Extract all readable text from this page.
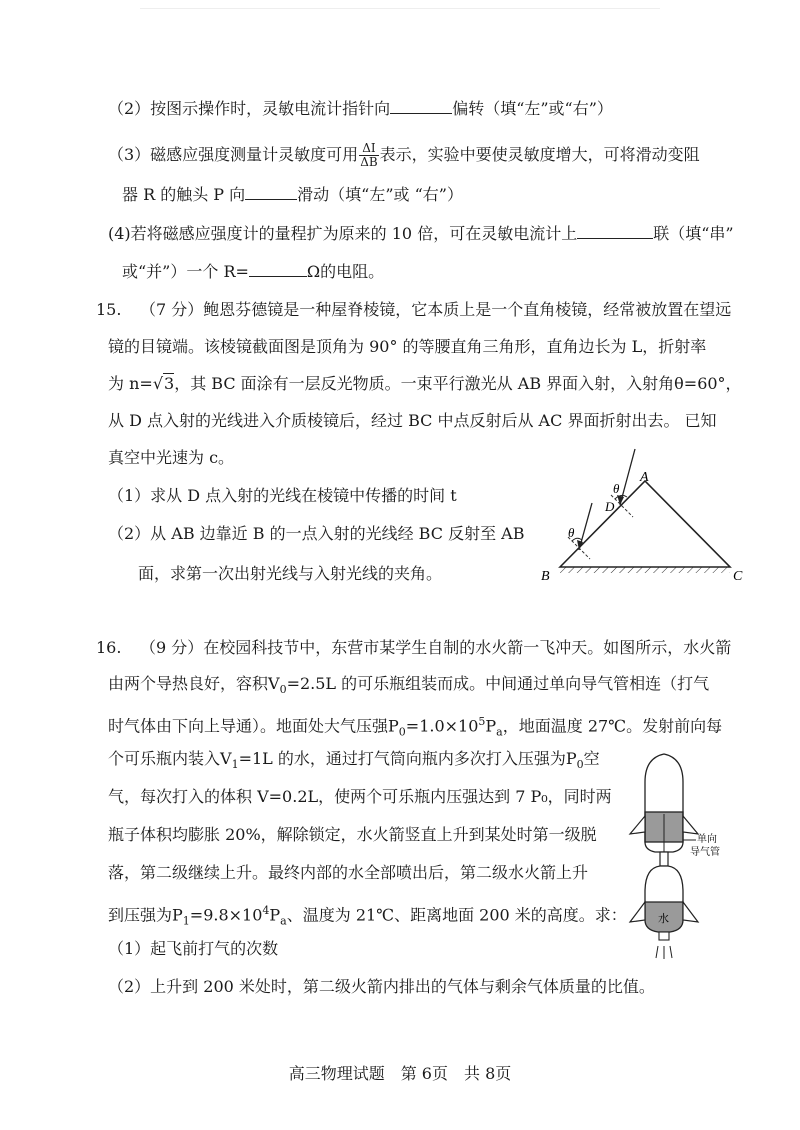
（2）按图示操作时，灵敏电流计指针向	偏转（填“左”或“右”）
（3）磁感应强度测量计灵敏度可用 $\frac{\Delta I}{\Delta B}$ 表示，实验中要使灵敏度增大，可将滑动变阻
器 R 的触头 P 向	滑动（填“左”或 “右”）
(4)若将磁感应强度计的量程扩为原来的 10 倍，可在灵敏电流计上	联（填“串”
或“并”）一个 R=	Ω的电阻。
15. （7 分）鲍恩芬德镜是一种屋脊棱镜，它本质上是一个直角棱镜，经常被放置在望远
镜的目镜端。该棱镜截面图是顶角为 90° 的等腰直角三角形，直角边长为 L，折射率
为 n=√3，其 BC 面涂有一层反光物质。一束平行激光从 AB 界面入射，入射角θ=60°，
从 D 点入射的光线进入介质棱镜后，经过 BC 中点反射后从 AC 界面折射出去。 已知
真空中光速为 c。
（1）求从 D 点入射的光线在棱镜中传播的时间 t
（2）从 AB 边靠近 B 的一点入射的光线经 BC 反射至 AB
面，求第一次出射光线与入射光线的夹角。
A
θ
D
θ
B	C
16. （9 分）在校园科技节中，东营市某学生自制的水火箭一飞冲天。如图所示，水火箭
由两个导热良好，容积$V_0=2.5L$ 的可乐瓶组装而成。中间通过单向导气管相连（打气
时气体由下向上导通）。地面处大气压强$P_0=1.0\times 10^5P_a$，地面温度 27℃。发射前向每
个可乐瓶内装入$V_1=1L$ 的水，通过打气筒向瓶内多次打入压强为$P_0$空
气，每次打入的体积 V=0.2L，使两个可乐瓶内压强达到 7 P₀，同时两
瓶子体积均膨胀 20%，解除锁定，水火箭竖直上升到某处时第一级脱
落，第二级继续上升。最终内部的水全部喷出后，第二级水火箭上升
到压强为$P_1=9.8\times 10^4P_a$、温度为 21℃、距离地面 200 米的高度。求：
（1）起飞前打气的次数
（2）上升到 200 米处时，第二级火箭内排出的气体与剩余气体质量的比值。
单向
导气管
水
高三物理试题　第 6页　共 8页
